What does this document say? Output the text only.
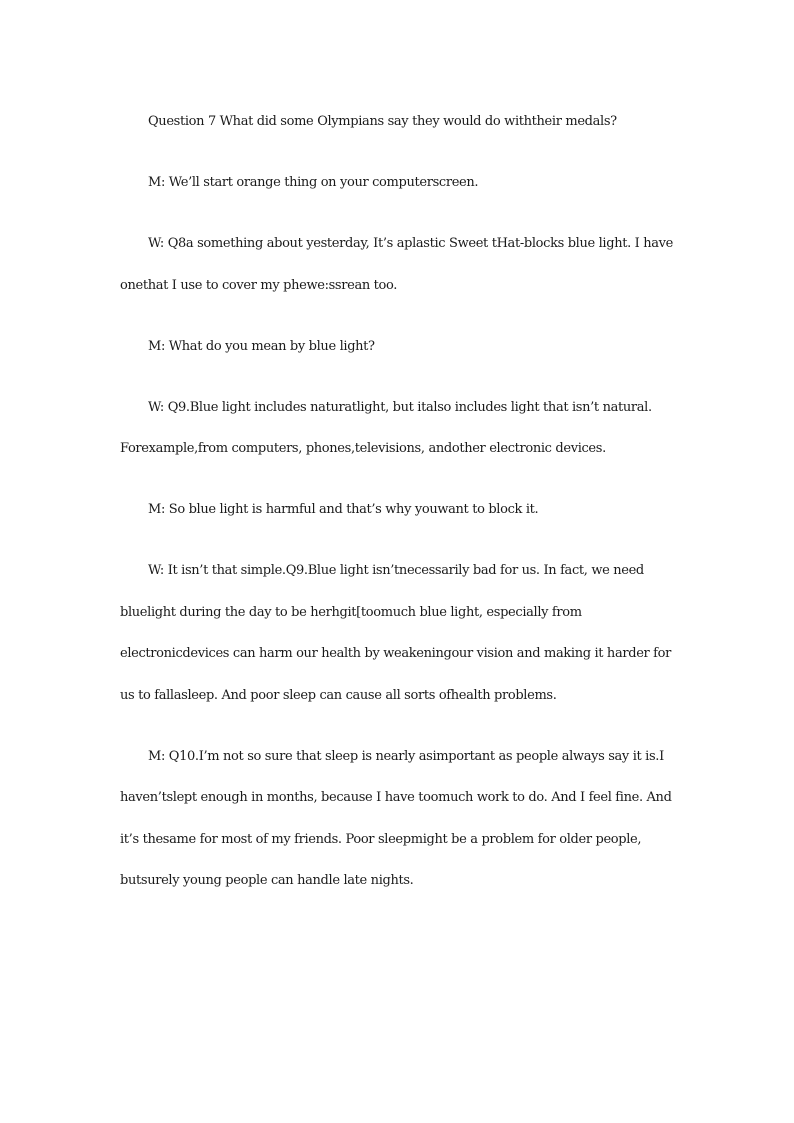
Question 7 What did some Olympians say they would do withtheir medals?

M: We’ll start orange thing on your computerscreen.

W: Q8a something about yesterday, It’s aplastic Sweet tHat-blocks blue light. I have onethat I use to cover my phewe:ssrean too.

M: What do you mean by blue light?

W: Q9.Blue light includes naturatlight, but italso includes light that isn’t natural. Forexample,from computers, phones,televisions, andother electronic devices.

M: So blue light is harmful and that’s why youwant to block it.

W: It isn’t that simple.Q9.Blue light isn’tnecessarily bad for us. In fact, we need bluelight during the day to be herhgit[toomuch blue light, especially from electronicdevices can harm our health by weakeningour vision and making it harder for us to fallasleep. And poor sleep can cause all sorts ofhealth problems.

M: Q10.I’m not so sure that sleep is nearly asimportant as people always say it is.I haven’tslept enough in months, because I have toomuch work to do. And I feel fine. And it’s thesame for most of my friends. Poor sleepmight be a problem for older people, butsurely young people can handle late nights.
